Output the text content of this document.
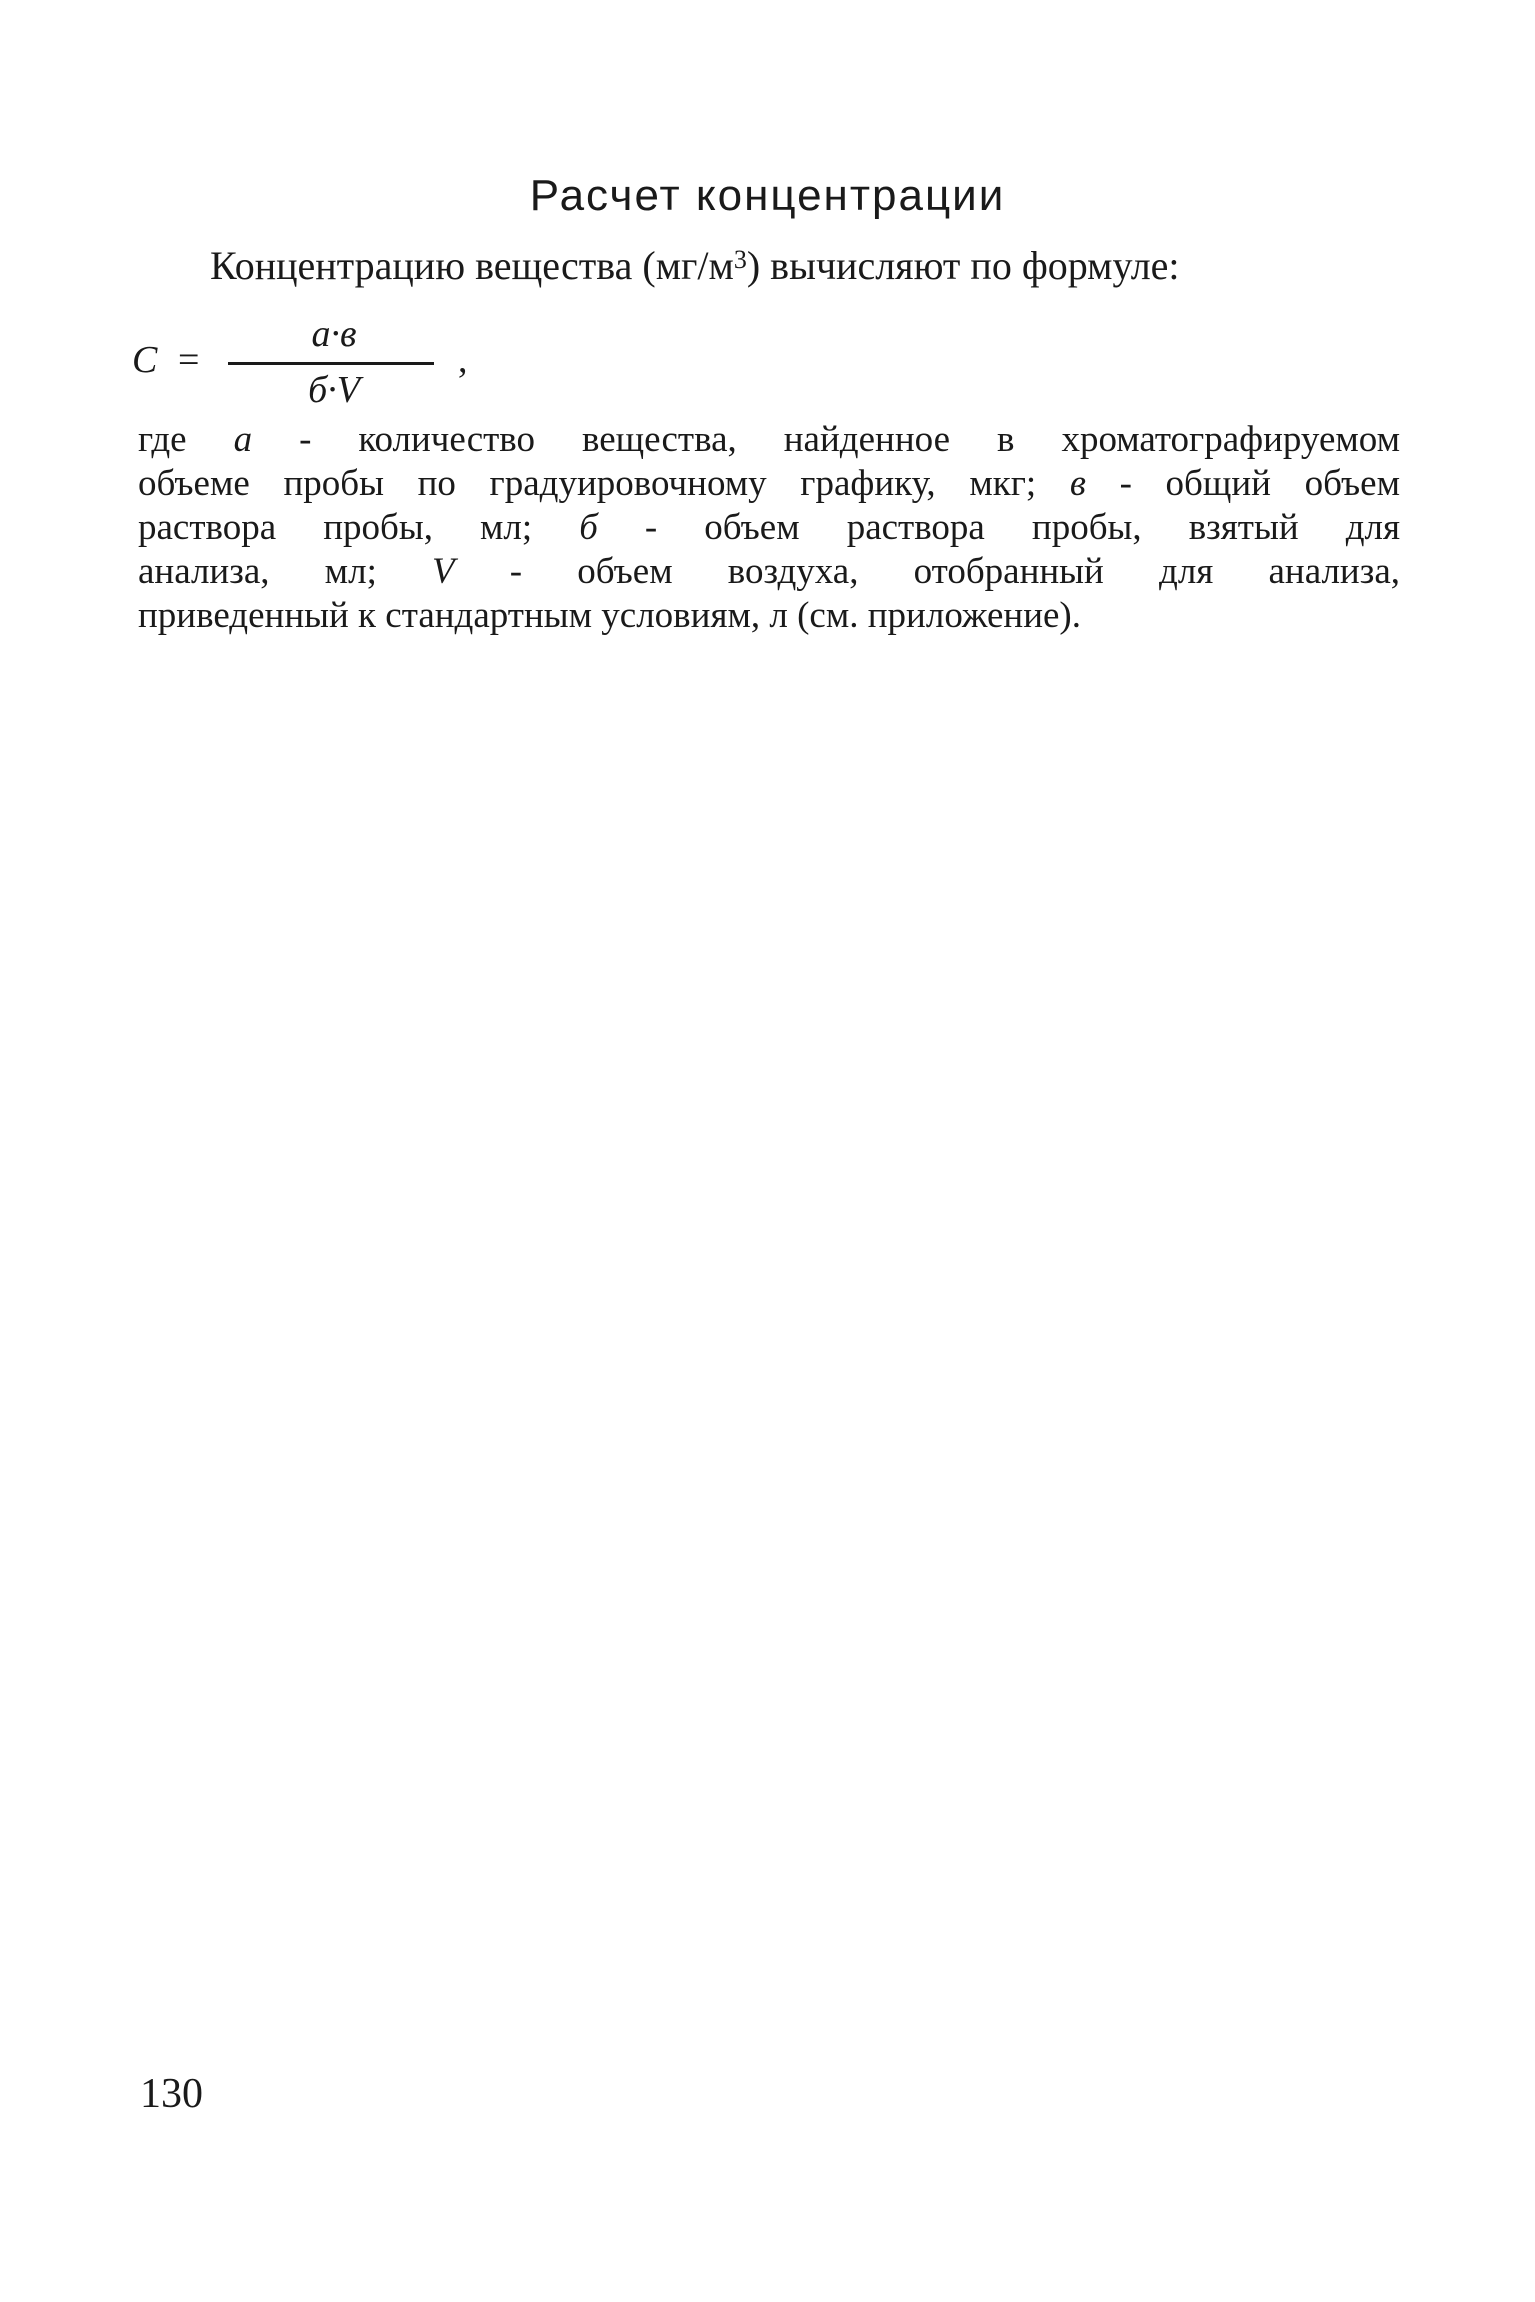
Расчет концентрации
Концентрацию вещества $(мг/м^3)$ вычисляют по формуле:
C =
a·в
б·V
,
где a - количество вещества, найденное в хроматографируемом
объеме пробы по градуировочному графику, мкг; в - общий объем
раствора пробы, мл; б - объем раствора пробы, взятый для
анализа, мл; V - объем воздуха, отобранный для анализа,
приведенный к стандартным условиям, л (см. приложение).
130
